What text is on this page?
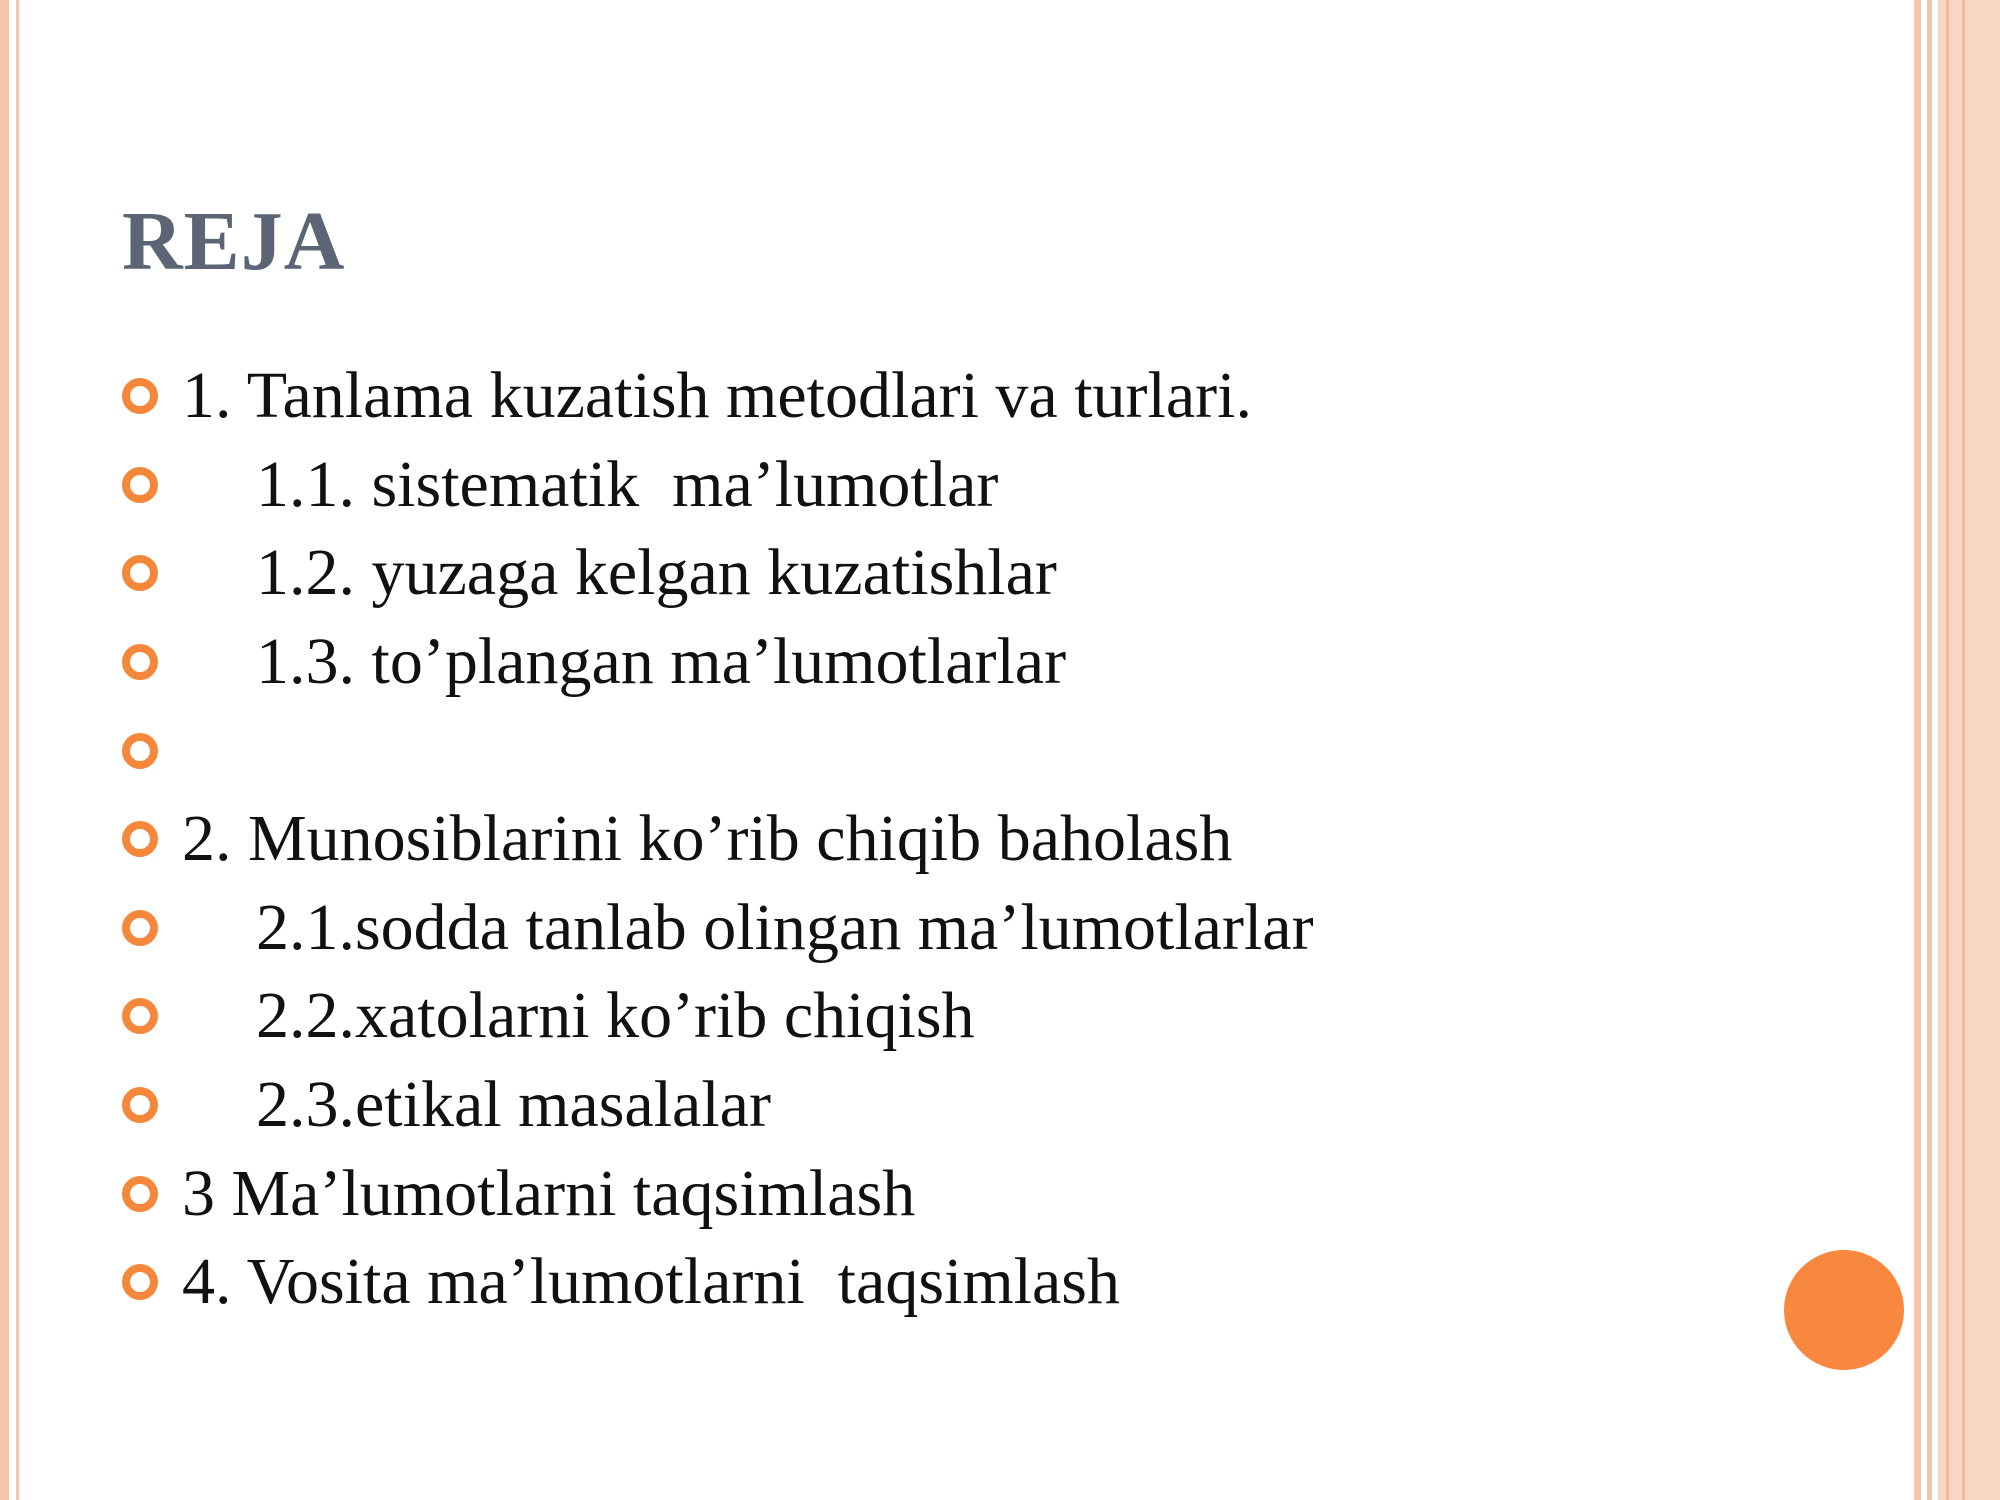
REJA
1. Tanlama kuzatish metodlari va turlari.
1.1. sistematik  ma’lumotlar
1.2. yuzaga kelgan kuzatishlar
1.3. to’plangan ma’lumotlarlar
2. Munosiblarini ko’rib chiqib baholash
2.1.sodda tanlab olingan ma’lumotlarlar
2.2.xatolarni ko’rib chiqish
2.3.etikal masalalar
3 Ma’lumotlarni taqsimlash
4. Vosita ma’lumotlarni  taqsimlash
